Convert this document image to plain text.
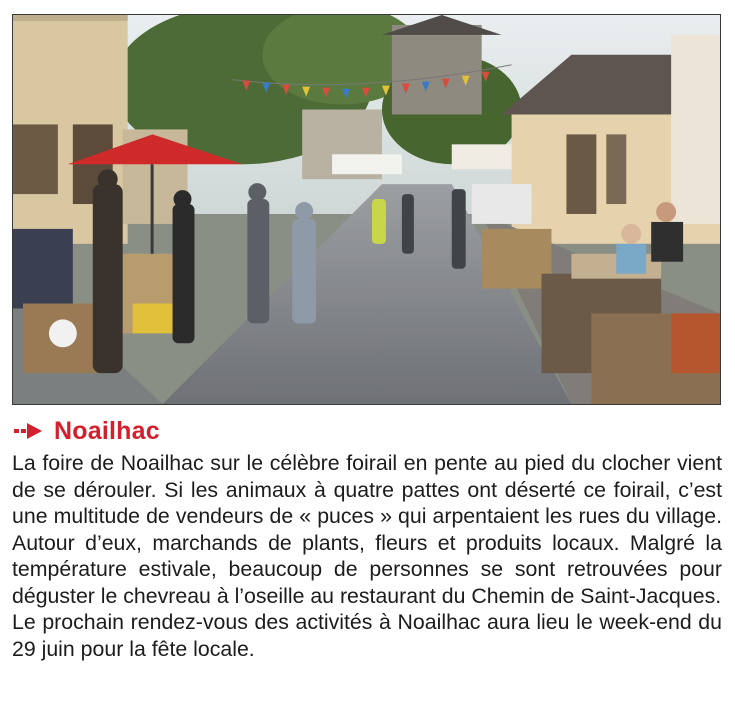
Noailhac

La foire de Noailhac sur le célèbre foirail en pente au pied du clocher vient de se dérouler. Si les animaux à quatre pattes ont déserté ce foirail, c’est une multitude de vendeurs de « puces » qui arpentaient les rues du village. Autour d’eux, marchands de plants, fleurs et produits locaux. Malgré la température estivale, beaucoup de personnes se sont retrouvées pour déguster le chevreau à l’oseille au restaurant du Chemin de Saint-Jacques.

Le prochain rendez-vous des activités à Noailhac aura lieu le week-end du 29 juin pour la fête locale.
